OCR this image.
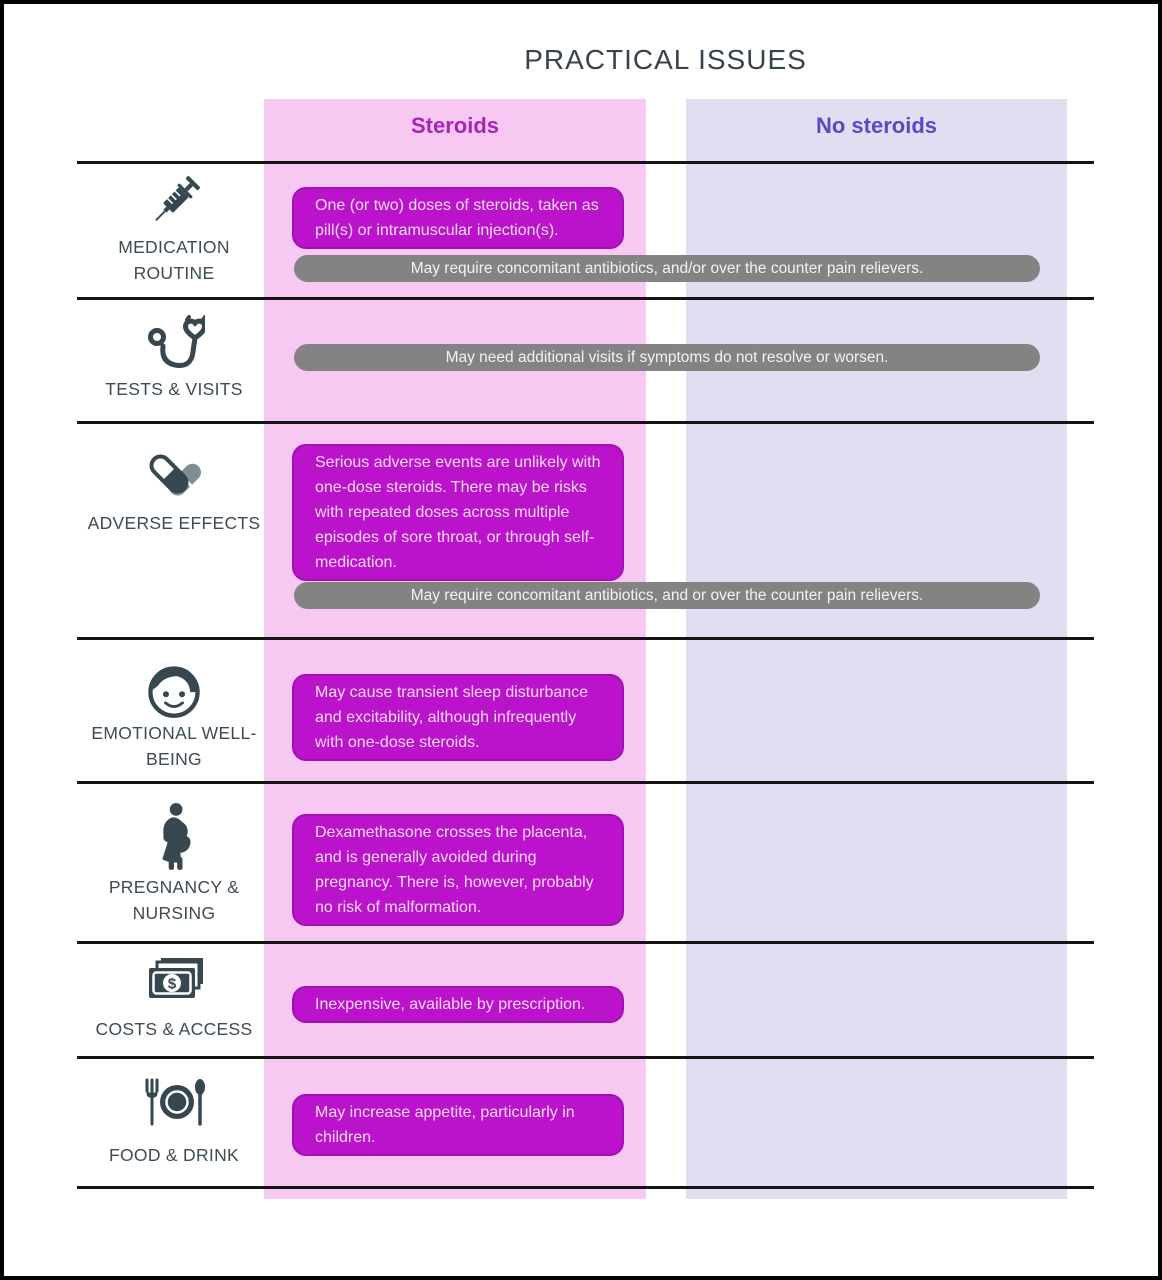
PRACTICAL ISSUES
Steroids	No steroids
MEDICATION ROUTINE
One (or two) doses of steroids, taken as pill(s) or intramuscular injection(s).
May require concomitant antibiotics, and/or over the counter pain relievers.
TESTS & VISITS
May need additional visits if symptoms do not resolve or worsen.
ADVERSE EFFECTS
Serious adverse events are unlikely with one-dose steroids. There may be risks with repeated doses across multiple episodes of sore throat, or through self-medication.
May require concomitant antibiotics, and or over the counter pain relievers.
EMOTIONAL WELL-BEING
May cause transient sleep disturbance and excitability, although infrequently with one-dose steroids.
PREGNANCY & NURSING
Dexamethasone crosses the placenta, and is generally avoided during pregnancy. There is, however, probably no risk of malformation.
$
COSTS & ACCESS
Inexpensive, available by prescription.
FOOD & DRINK
May increase appetite, particularly in children.
